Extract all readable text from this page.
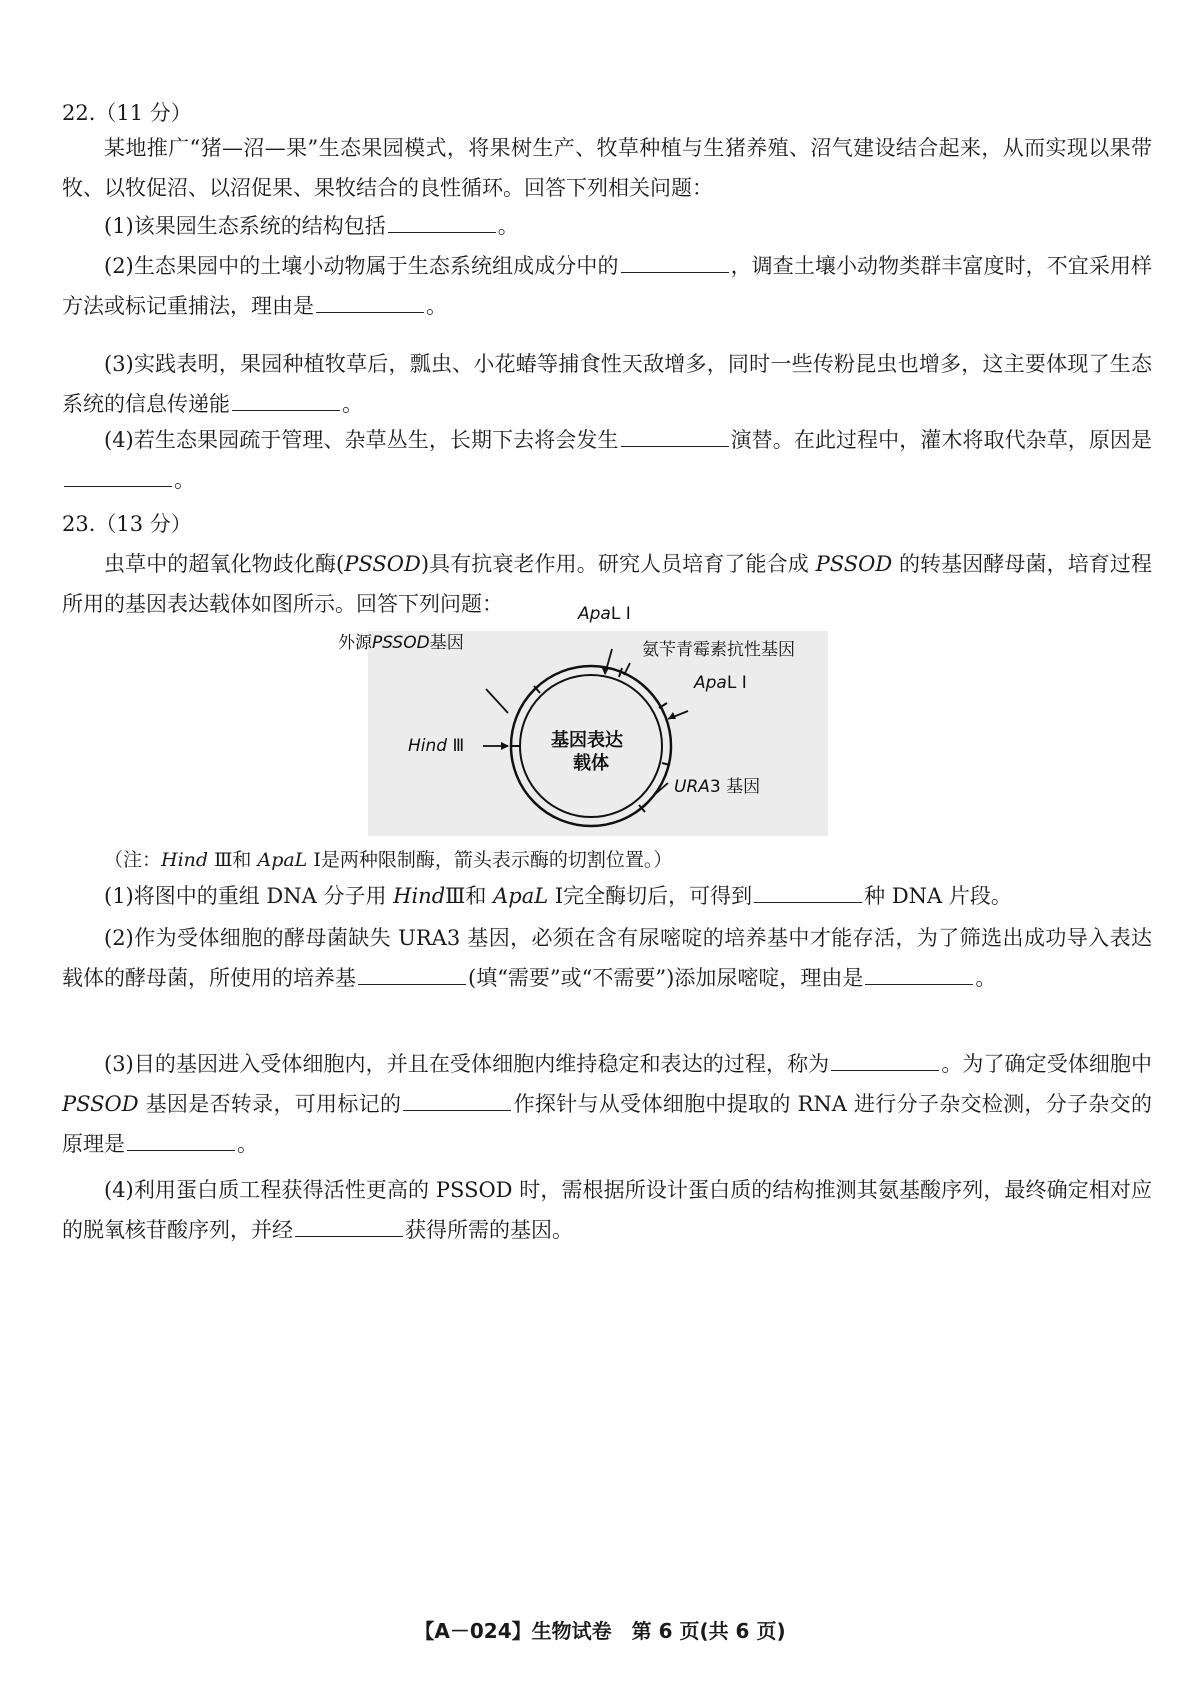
22.（11 分）
某地推广“猪—沼—果”生态果园模式，将果树生产、牧草种植与生猪养殖、沼气建设结合起来，从而实现以果带牧、以牧促沼、以沼促果、果牧结合的良性循环。回答下列相关问题：
(1)该果园生态系统的结构包括	。
(2)生态果园中的土壤小动物属于生态系统组成成分中的	，调查土壤小动物类群丰富度时，不宜采用样方法或标记重捕法，理由是	。
(3)实践表明，果园种植牧草后，瓢虫、小花蝽等捕食性天敌增多，同时一些传粉昆虫也增多，这主要体现了生态系统的信息传递能	。
(4)若生态果园疏于管理、杂草丛生，长期下去将会发生	演替。在此过程中，灌木将取代杂草，原因是。
23.（13 分）
虫草中的超氧化物歧化酶(PSSOD)具有抗衰老作用。研究人员培育了能合成 PSSOD 的转基因酵母菌，培育过程所用的基因表达载体如图所示。回答下列问题：
外源PSSOD基因
ApaL Ⅰ
氨苄青霉素抗性基因
ApaL Ⅰ
Hind Ⅲ	基因表达
载体
URA3 基因
（注：Hind Ⅲ和 ApaL Ⅰ是两种限制酶，箭头表示酶的切割位置。）
(1)将图中的重组 DNA 分子用 HindⅢ和 ApaL Ⅰ完全酶切后，可得到	种 DNA 片段。
(2)作为受体细胞的酵母菌缺失 URA3 基因，必须在含有尿嘧啶的培养基中才能存活，为了筛选出成功导入表达载体的酵母菌，所使用的培养基	(填“需要”或“不需要”)添加尿嘧啶，理由是	。
(3)目的基因进入受体细胞内，并且在受体细胞内维持稳定和表达的过程，称为	。为了确定受体细胞中 PSSOD 基因是否转录，可用标记的	作探针与从受体细胞中提取的 RNA 进行分子杂交检测，分子杂交的原理是	。
(4)利用蛋白质工程获得活性更高的 PSSOD 时，需根据所设计蛋白质的结构推测其氨基酸序列，最终确定相对应的脱氧核苷酸序列，并经	获得所需的基因。
【A－024】生物试卷　第 6 页(共 6 页)
